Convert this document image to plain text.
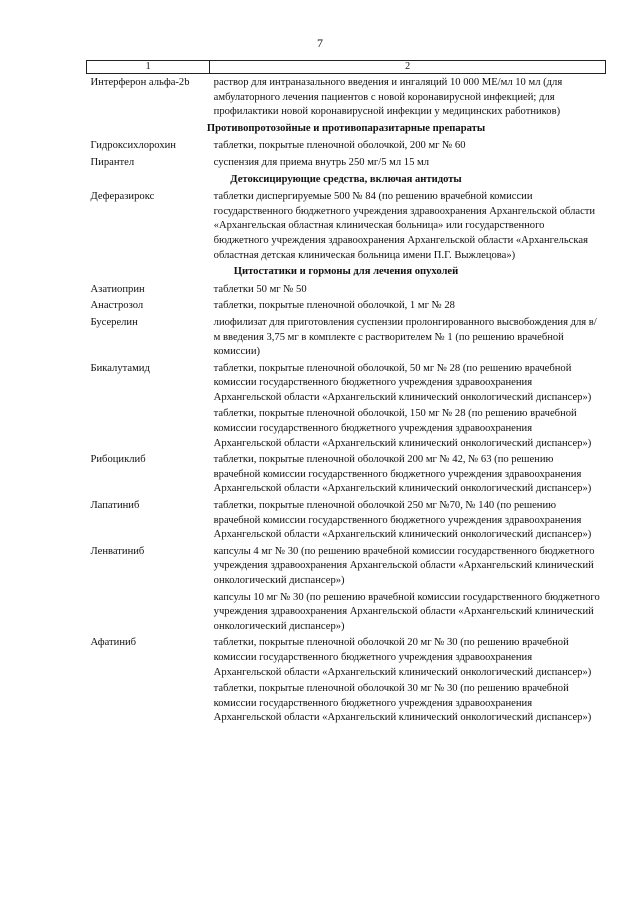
7
1	2
Интерферон альфа-2b	раствор для интраназального введения и ингаляций 10 000 МЕ/мл 10 мл (для амбулаторного лечения пациентов с новой коронавирусной инфекцией; для профилактики новой коронавирусной инфекции у медицинских работников)
Противопротозойные и противопаразитарные препараты	
Гидроксихлорохин	таблетки, покрытые пленочной оболочкой, 200 мг № 60
Пирантел	суспензия для приема внутрь 250 мг/5 мл 15 мл
Детоксицирующие средства, включая антидоты	
Деферазирокс	таблетки диспергируемые 500 № 84 (по решению врачебной комиссии государственного бюджетного учреждения здравоохранения Архангельской области «Архангельская областная клиническая больница» или государственного бюджетного учреждения здравоохранения Архангельской области «Архангельская областная детская клиническая больница имени П.Г. Выжлецова»)
Цитостатики и гормоны для лечения опухолей	
Азатиоприн	таблетки 50 мг № 50
Анастрозол	таблетки, покрытые пленочной оболочкой, 1 мг № 28
Бусерелин	лиофилизат для приготовления суспензии пролонгированного высвобождения для в/м введения 3,75 мг в комплекте с растворителем № 1 (по решению врачебной комиссии)
Бикалутамид	таблетки, покрытые пленочной оболочкой, 50 мг № 28 (по решению врачебной комиссии государственного бюджетного учреждения здравоохранения Архангельской области «Архангельский клинический онкологический диспансер»)
	таблетки, покрытые пленочной оболочкой, 150 мг № 28 (по решению врачебной комиссии государственного бюджетного учреждения здравоохранения Архангельской области «Архангельский клинический онкологический диспансер»)
Рибоциклиб	таблетки, покрытые пленочной оболочкой 200 мг № 42, № 63 (по решению врачебной комиссии государственного бюджетного учреждения здравоохранения Архангельской области «Архангельский клинический онкологический диспансер»)
Лапатиниб	таблетки, покрытые пленочной оболочкой 250 мг №70, № 140 (по решению врачебной комиссии государственного бюджетного учреждения здравоохранения Архангельской области «Архангельский клинический онкологический диспансер»)
Ленватиниб	капсулы 4 мг № 30 (по решению врачебной комиссии государственного бюджетного учреждения здравоохранения Архангельской области «Архангельский клинический онкологический диспансер»)
	капсулы 10 мг № 30 (по решению врачебной комиссии государственного бюджетного учреждения здравоохранения Архангельской области «Архангельский клинический онкологический диспансер»)
Афатиниб	таблетки, покрытые пленочной оболочкой 20 мг № 30 (по решению врачебной комиссии государственного бюджетного учреждения здравоохранения Архангельской области «Архангельский клинический онкологический диспансер»)
	таблетки, покрытые пленочной оболочкой 30 мг № 30 (по решению врачебной комиссии государственного бюджетного учреждения здравоохранения Архангельской области «Архангельский клинический онкологический диспансер»)
